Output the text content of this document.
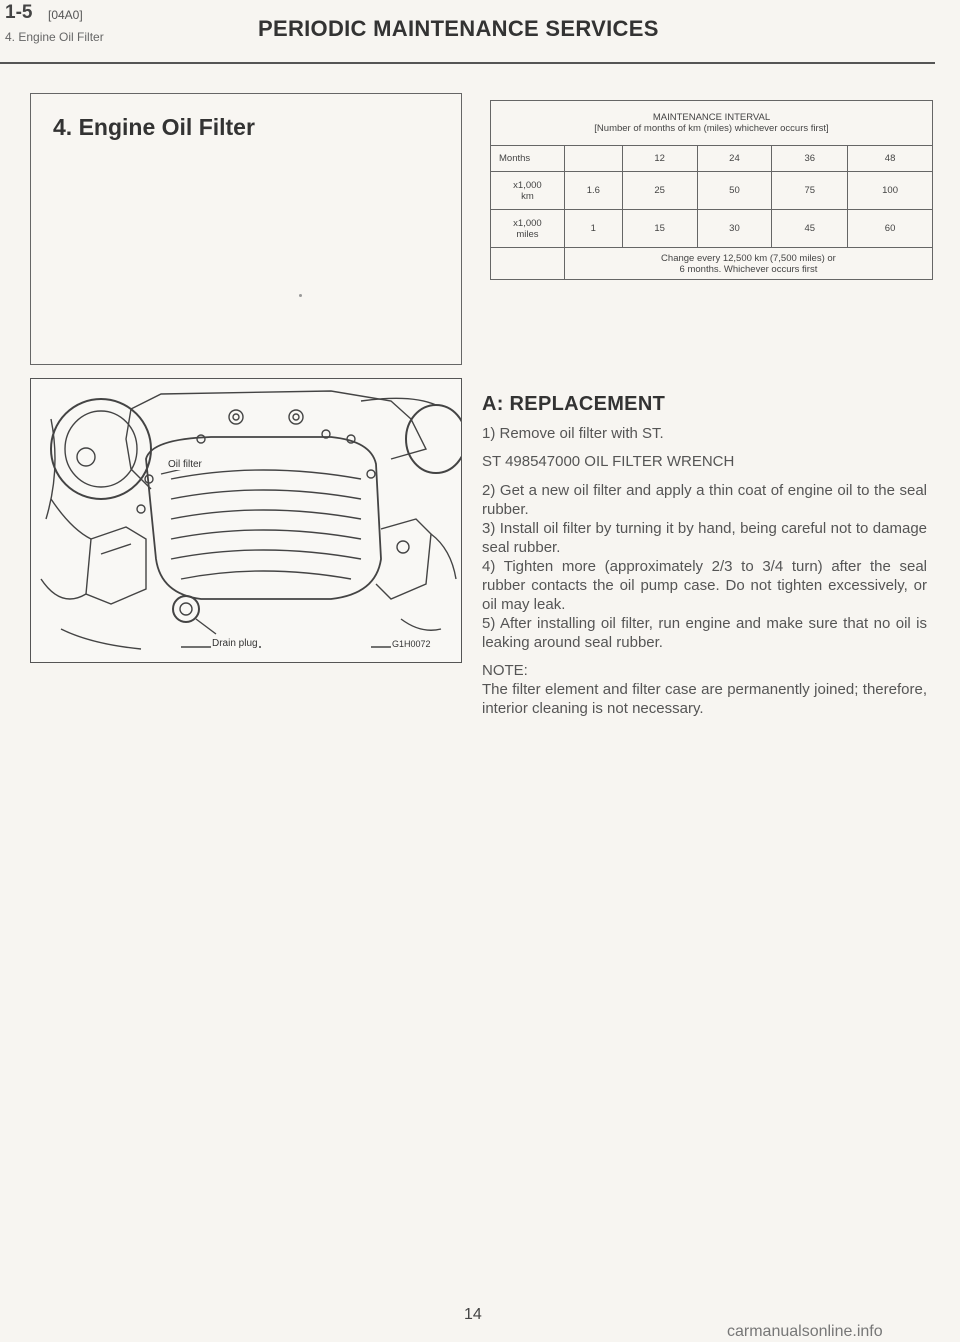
1-5 [04A0]
4. Engine Oil Filter	PERIODIC MAINTENANCE SERVICES
4. Engine Oil Filter	MAINTENANCE INTERVAL
[Number of months of km (miles) whichever occurs first]					

Months		12	24	36	48

x1,000
km	1.6	25	50	75	100

x1,000
miles	1	15	30	45	60

	Change every 12,500 km (7,500 miles) or
6 months. Whichever occurs first				
Oil filter
Drain plug	G1H0072
A: REPLACEMENT

1) Remove oil filter with ST.

ST 498547000 OIL FILTER WRENCH

2) Get a new oil filter and apply a thin coat of engine oil to the seal rubber.

3) Install oil filter by turning it by hand, being careful not to damage seal rubber.

4) Tighten more (approximately 2/3 to 3/4 turn) after the seal rubber contacts the oil pump case. Do not tighten excessively, or oil may leak.

5) After installing oil filter, run engine and make sure that no oil is leaking around seal rubber.

NOTE:

The filter element and filter case are permanently joined; therefore, interior cleaning is not necessary.

14
carmanualsonline.info
